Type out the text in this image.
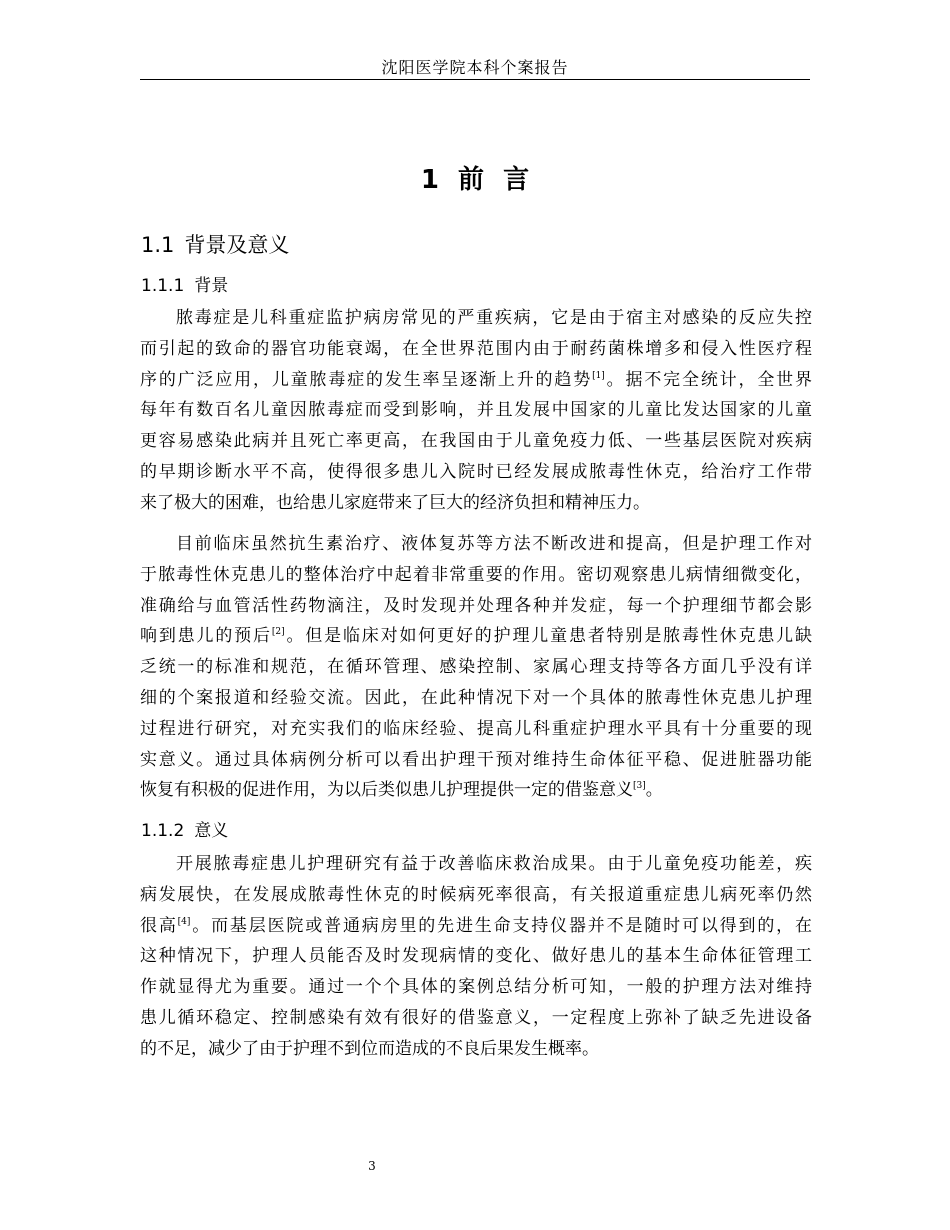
沈阳医学院本科个案报告
1 前 言
1.1 背景及意义
1.1.1 背景
脓毒症是儿科重症监护病房常见的严重疾病，它是由于宿主对感染的反应失控
而引起的致命的器官功能衰竭，在全世界范围内由于耐药菌株增多和侵入性医疗程
序的广泛应用，儿童脓毒症的发生率呈逐渐上升的趋势[1]。据不完全统计，全世界
每年有数百名儿童因脓毒症而受到影响，并且发展中国家的儿童比发达国家的儿童
更容易感染此病并且死亡率更高，在我国由于儿童免疫力低、一些基层医院对疾病
的早期诊断水平不高，使得很多患儿入院时已经发展成脓毒性休克，给治疗工作带
来了极大的困难，也给患儿家庭带来了巨大的经济负担和精神压力。
目前临床虽然抗生素治疗、液体复苏等方法不断改进和提高，但是护理工作对
于脓毒性休克患儿的整体治疗中起着非常重要的作用。密切观察患儿病情细微变化，
准确给与血管活性药物滴注，及时发现并处理各种并发症，每一个护理细节都会影
响到患儿的预后[2]。但是临床对如何更好的护理儿童患者特别是脓毒性休克患儿缺
乏统一的标准和规范，在循环管理、感染控制、家属心理支持等各方面几乎没有详
细的个案报道和经验交流。因此，在此种情况下对一个具体的脓毒性休克患儿护理
过程进行研究，对充实我们的临床经验、提高儿科重症护理水平具有十分重要的现
实意义。通过具体病例分析可以看出护理干预对维持生命体征平稳、促进脏器功能
恢复有积极的促进作用，为以后类似患儿护理提供一定的借鉴意义[3]。
1.1.2 意义
开展脓毒症患儿护理研究有益于改善临床救治成果。由于儿童免疫功能差，疾
病发展快，在发展成脓毒性休克的时候病死率很高，有关报道重症患儿病死率仍然
很高[4]。而基层医院或普通病房里的先进生命支持仪器并不是随时可以得到的，在
这种情况下，护理人员能否及时发现病情的变化、做好患儿的基本生命体征管理工
作就显得尤为重要。通过一个个具体的案例总结分析可知，一般的护理方法对维持
患儿循环稳定、控制感染有效有很好的借鉴意义，一定程度上弥补了缺乏先进设备
的不足，减少了由于护理不到位而造成的不良后果发生概率。
3
